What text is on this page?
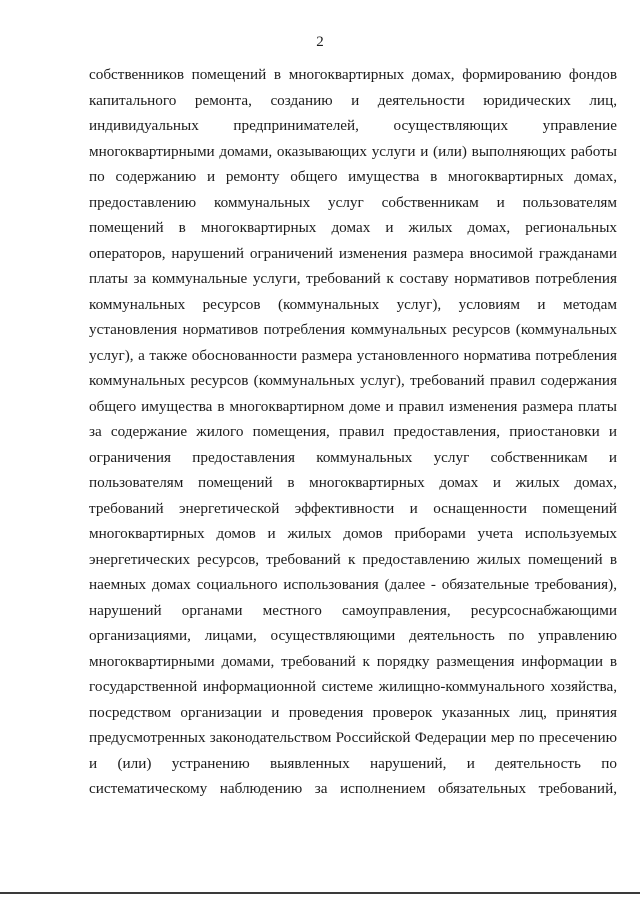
2
собственников помещений в многоквартирных домах, формированию фондов
капитального ремонта, созданию и деятельности юридических лиц,
индивидуальных предпринимателей, осуществляющих управление
многоквартирными домами, оказывающих услуги и (или) выполняющих работы
по содержанию и ремонту общего имущества в многоквартирных домах,
предоставлению коммунальных услуг собственникам и пользователям
помещений в многоквартирных домах и жилых домах, региональных
операторов, нарушений ограничений изменения размера вносимой гражданами
платы за коммунальные услуги, требований к составу нормативов потребления
коммунальных ресурсов (коммунальных услуг), условиям и методам
установления нормативов потребления коммунальных ресурсов (коммунальных
услуг), а также обоснованности размера установленного норматива потребления
коммунальных ресурсов (коммунальных услуг), требований правил содержания
общего имущества в многоквартирном доме и правил изменения размера платы
за содержание жилого помещения, правил предоставления, приостановки и
ограничения предоставления коммунальных услуг собственникам и
пользователям помещений в многоквартирных домах и жилых домах,
требований энергетической эффективности и оснащенности помещений
многоквартирных домов и жилых домов приборами учета используемых
энергетических ресурсов, требований к предоставлению жилых помещений в
наемных домах социального использования (далее - обязательные требования),
нарушений органами местного самоуправления, ресурсоснабжающими
организациями, лицами, осуществляющими деятельность по управлению
многоквартирными домами, требований к порядку размещения информации в
государственной информационной системе жилищно-коммунального хозяйства,
посредством организации и проведения проверок указанных лиц, принятия
предусмотренных законодательством Российской Федерации мер по пресечению
и (или) устранению выявленных нарушений, и деятельность по
систематическому наблюдению за исполнением обязательных требований,
